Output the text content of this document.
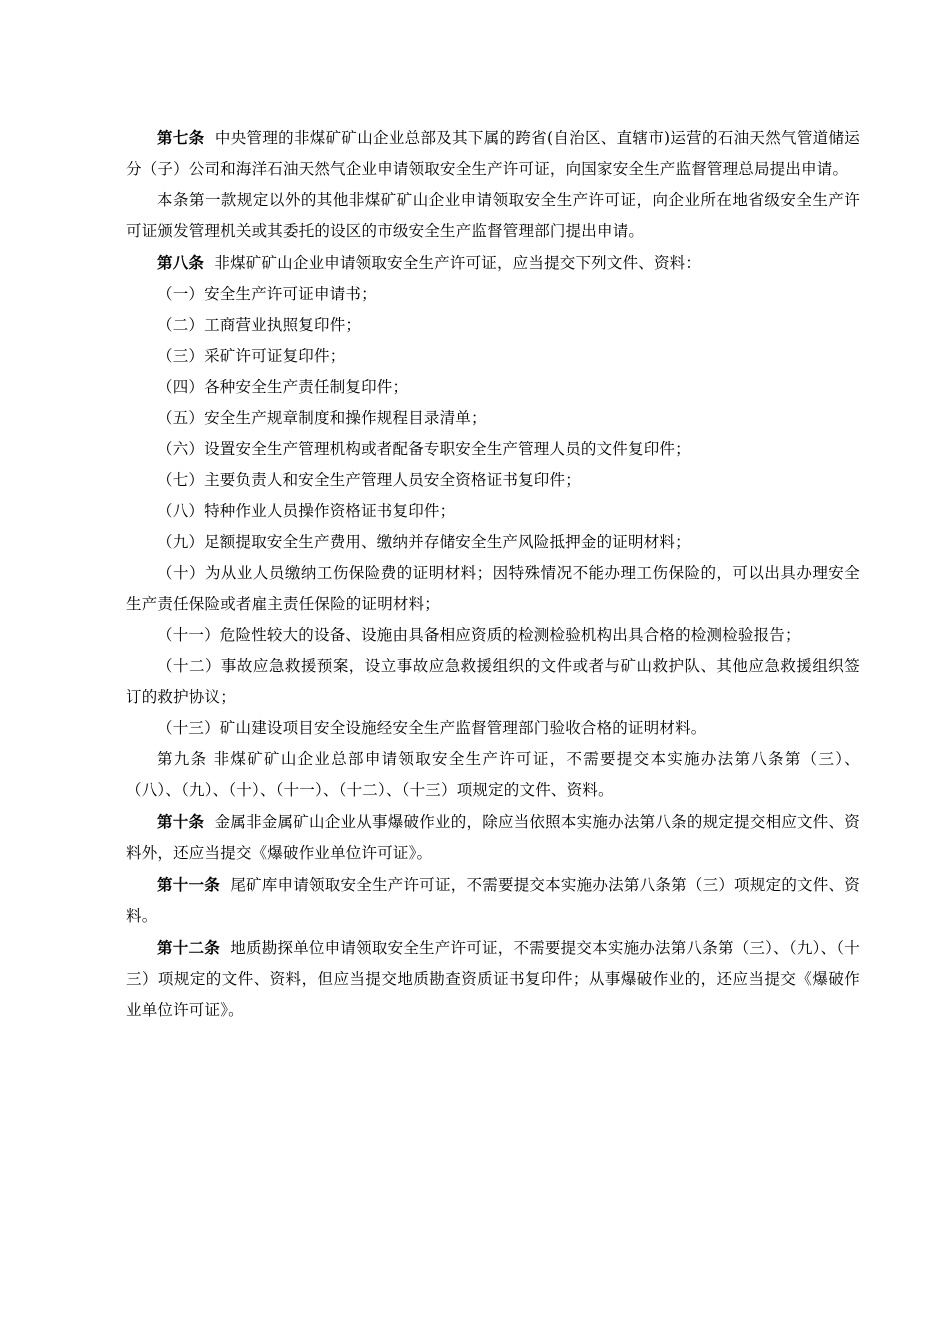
第七条 中央管理的非煤矿矿山企业总部及其下属的跨省(自治区、直辖市)运营的石油天然气管道储运分（子）公司和海洋石油天然气企业申请领取安全生产许可证，向国家安全生产监督管理总局提出申请。

本条第一款规定以外的其他非煤矿矿山企业申请领取安全生产许可证，向企业所在地省级安全生产许可证颁发管理机关或其委托的设区的市级安全生产监督管理部门提出申请。

第八条 非煤矿矿山企业申请领取安全生产许可证，应当提交下列文件、资料：

（一）安全生产许可证申请书；

（二）工商营业执照复印件；

（三）采矿许可证复印件；

（四）各种安全生产责任制复印件；

（五）安全生产规章制度和操作规程目录清单；

（六）设置安全生产管理机构或者配备专职安全生产管理人员的文件复印件；

（七）主要负责人和安全生产管理人员安全资格证书复印件；

（八）特种作业人员操作资格证书复印件；

（九）足额提取安全生产费用、缴纳并存储安全生产风险抵押金的证明材料；

（十）为从业人员缴纳工伤保险费的证明材料；因特殊情况不能办理工伤保险的，可以出具办理安全生产责任保险或者雇主责任保险的证明材料；

（十一）危险性较大的设备、设施由具备相应资质的检测检验机构出具合格的检测检验报告；

（十二）事故应急救援预案，设立事故应急救援组织的文件或者与矿山救护队、其他应急救援组织签订的救护协议；

（十三）矿山建设项目安全设施经安全生产监督管理部门验收合格的证明材料。

第九条 非煤矿矿山企业总部申请领取安全生产许可证，不需要提交本实施办法第八条第（三）、（八）、（九）、（十）、（十一）、（十二）、（十三）项规定的文件、资料。

第十条 金属非金属矿山企业从事爆破作业的，除应当依照本实施办法第八条的规定提交相应文件、资料外，还应当提交《爆破作业单位许可证》。

第十一条 尾矿库申请领取安全生产许可证，不需要提交本实施办法第八条第（三）项规定的文件、资料。

第十二条 地质勘探单位申请领取安全生产许可证，不需要提交本实施办法第八条第（三）、（九）、（十三）项规定的文件、资料，但应当提交地质勘查资质证书复印件；从事爆破作业的，还应当提交《爆破作业单位许可证》。
